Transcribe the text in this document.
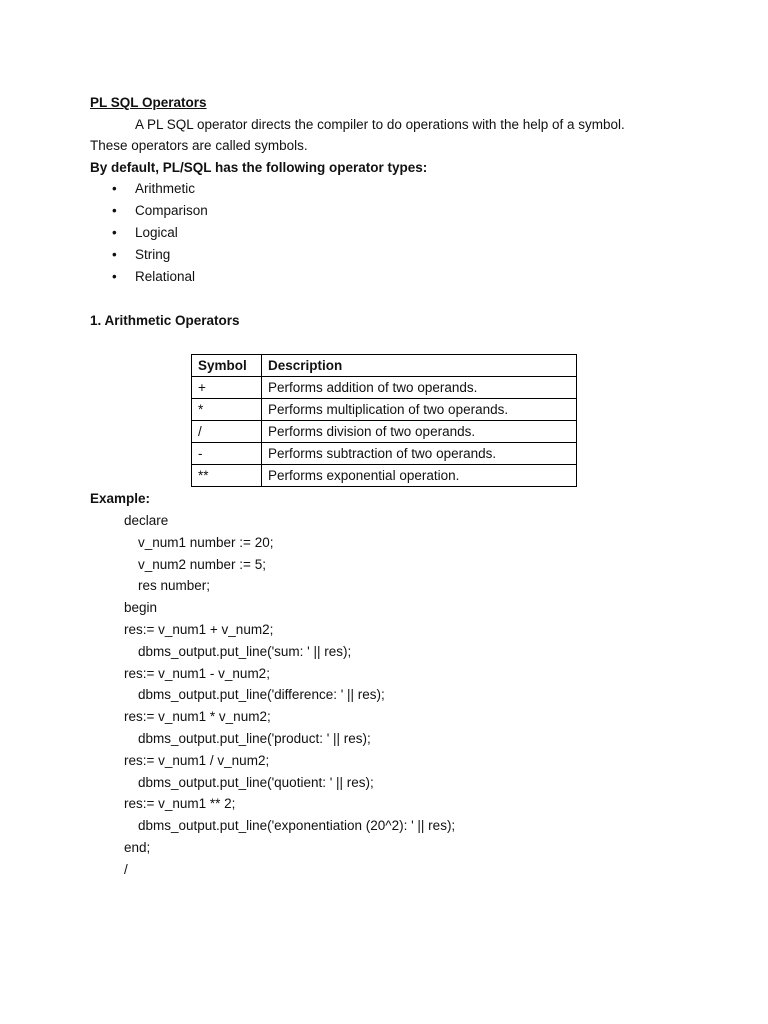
PL SQL Operators
A PL SQL operator directs the compiler to do operations with the help of a symbol.
These operators are called symbols.
By default, PL/SQL has the following operator types:
• Arithmetic
• Comparison
• Logical
• String
• Relational
1. Arithmetic Operators
Symbol	Description
+	Performs addition of two operands.
*	Performs multiplication of two operands.
/	Performs division of two operands.
-	Performs subtraction of two operands.
**	Performs exponential operation.
Example:
declare
v_num1 number := 20;
v_num2 number := 5;
res number;
begin
res:= v_num1 + v_num2;
dbms_output.put_line('sum: ' || res);
res:= v_num1 - v_num2;
dbms_output.put_line('difference: ' || res);
res:= v_num1 * v_num2;
dbms_output.put_line('product: ' || res);
res:= v_num1 / v_num2;
dbms_output.put_line('quotient: ' || res);
res:= v_num1 ** 2;
dbms_output.put_line('exponentiation (20^2): ' || res);
end;
/
